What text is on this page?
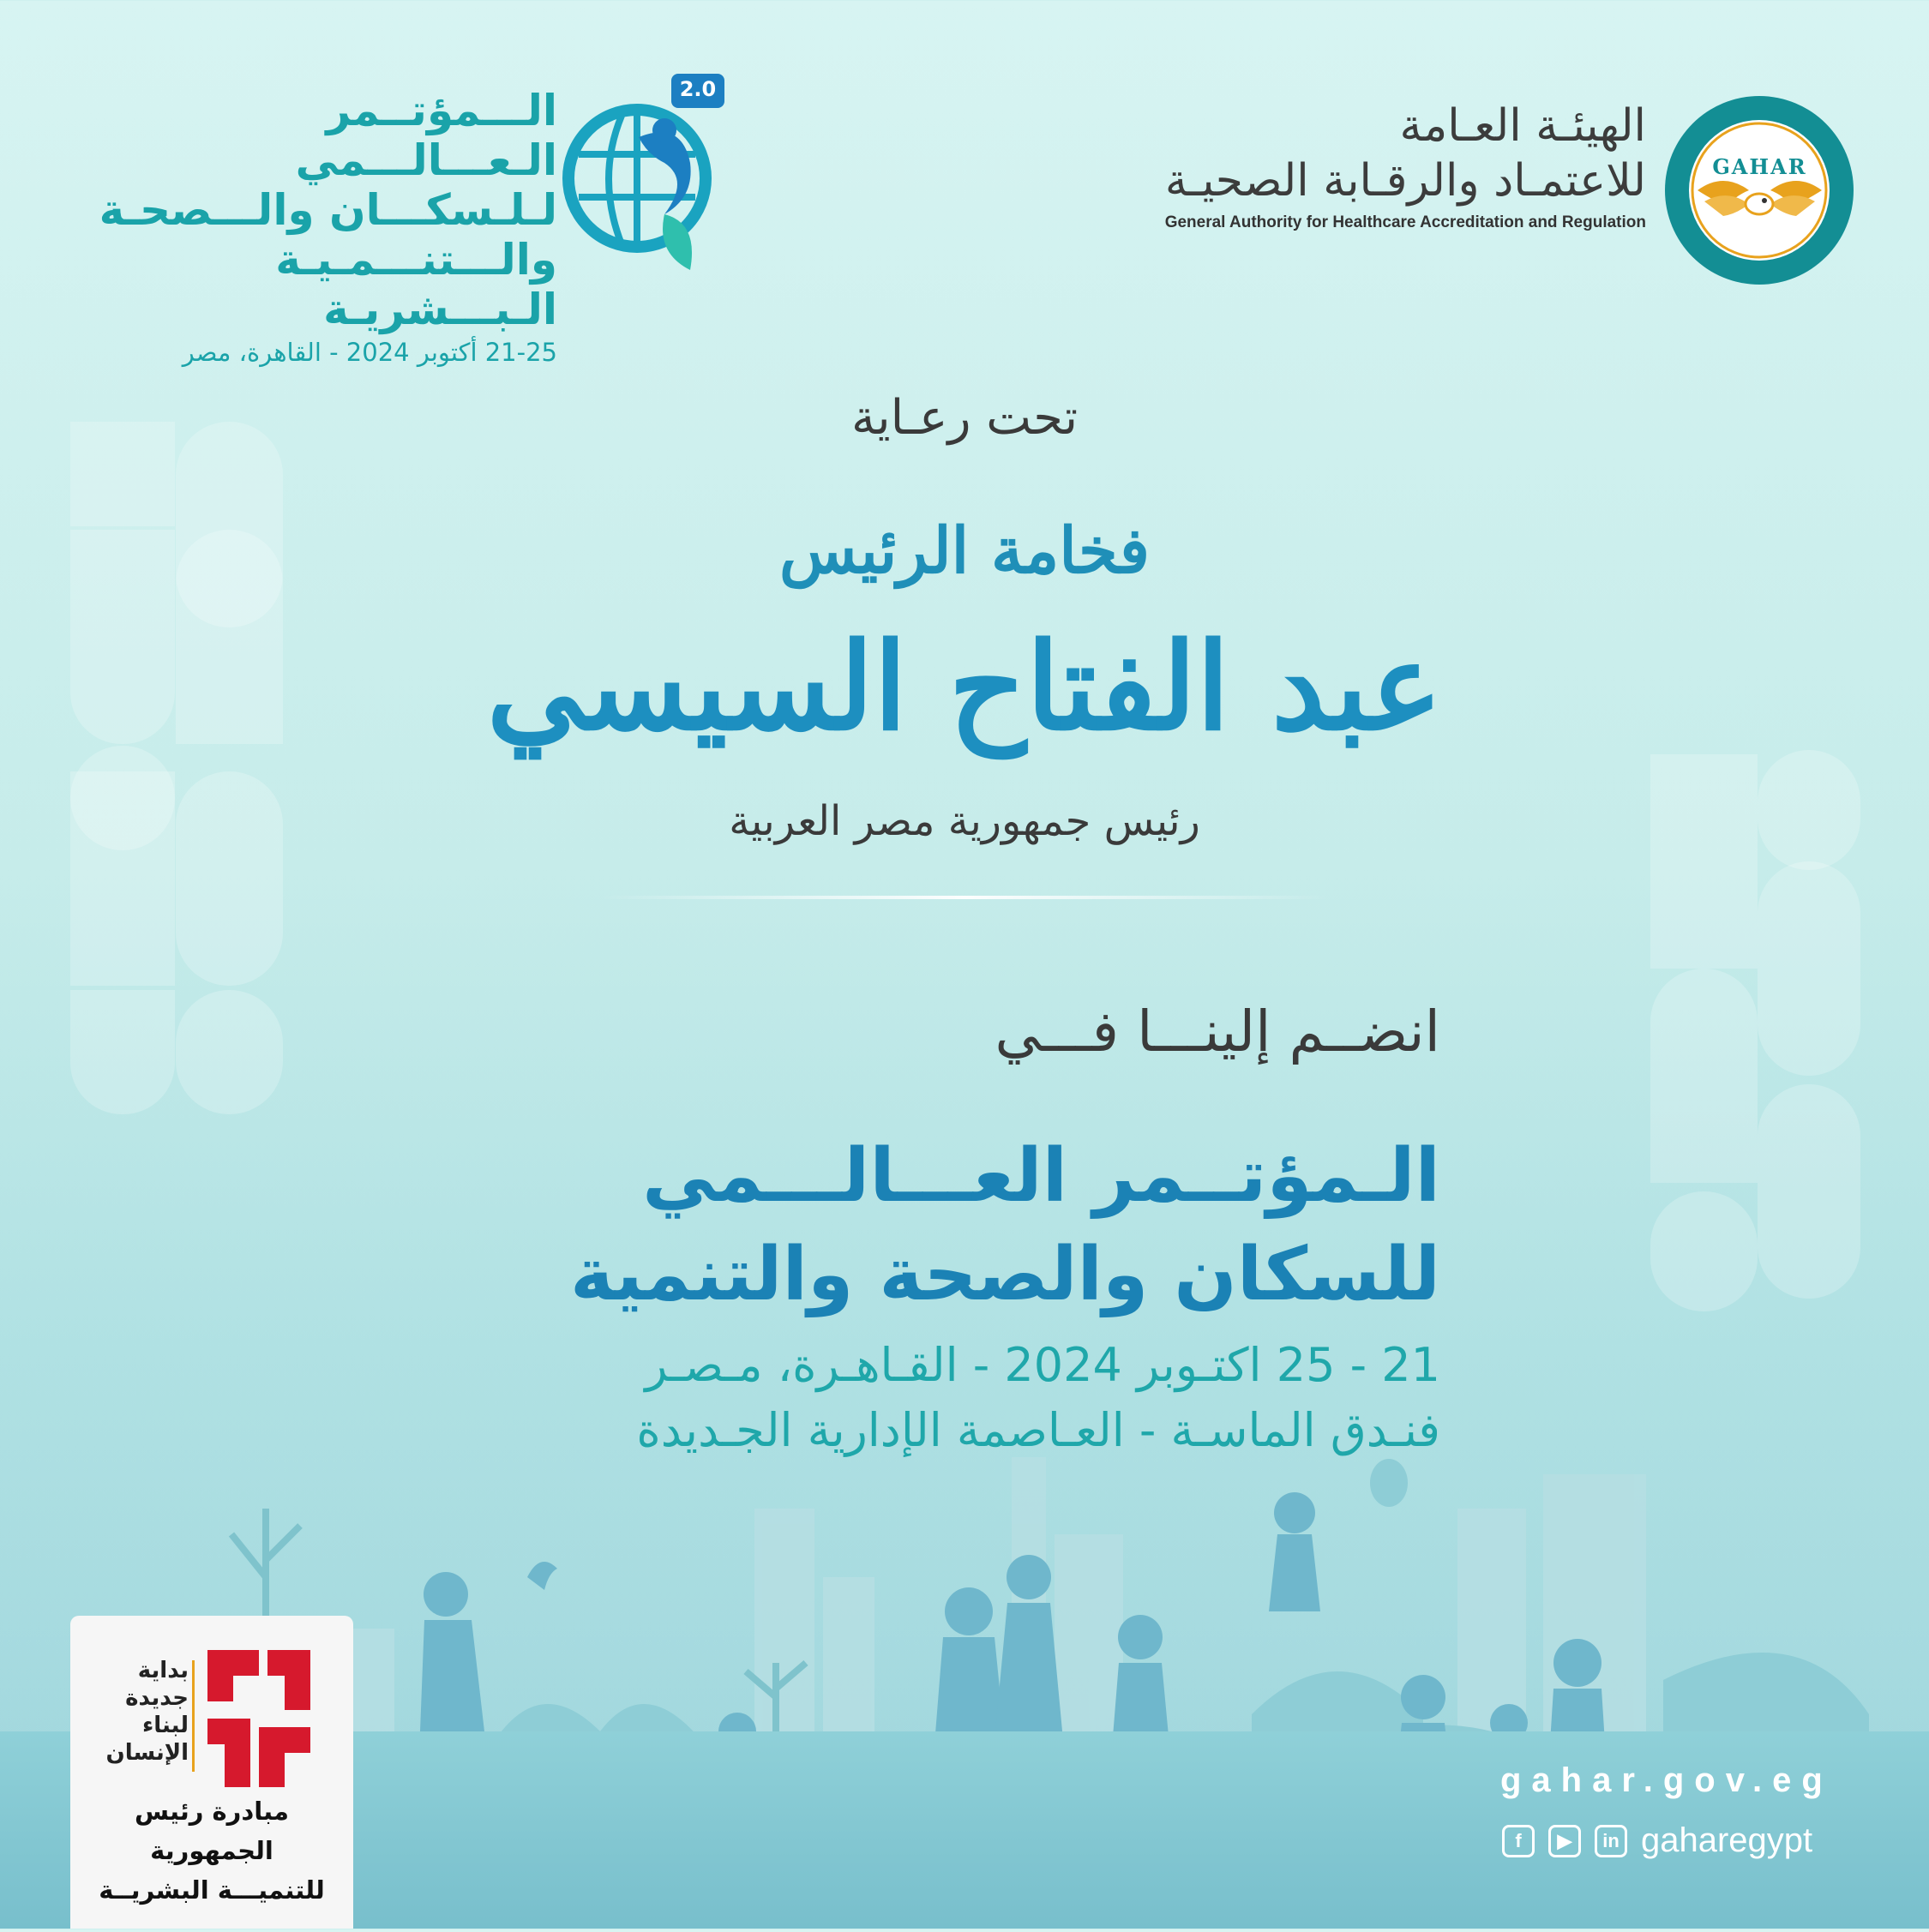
GAHAR
الهيئـة العـامة
للاعتمـاد والرقـابة الصحيـة
General Authority for Healthcare Accreditation and Regulation
2.0
الـــمؤتــمر الـعـــالـــمي
لـلـسكـــان والـــصحـة
والـــتنـــمـيـة الـبـــشريـة
21-25 أكتوبر 2024 - القاهرة، مصر
تحت رعـاية
فخامة الرئيس
عبد الفتاح السيسي
رئيس جمهورية مصر العربية
انضــم إلينـــا فـــي
الـمؤتــمر العـــالـــمي
للسكان والصحة والتنمية
21 - 25 اكتـوبر 2024 - القـاهـرة، مـصـر
فنـدق الماسـة - العـاصمة الإدارية الجـديدة
بداية
جديدة
لبناء
الإنسان
مبادرة رئيس الجمهورية
للتنميـــة البشريــة
gahar.gov.eg
f	▶	in gaharegypt
